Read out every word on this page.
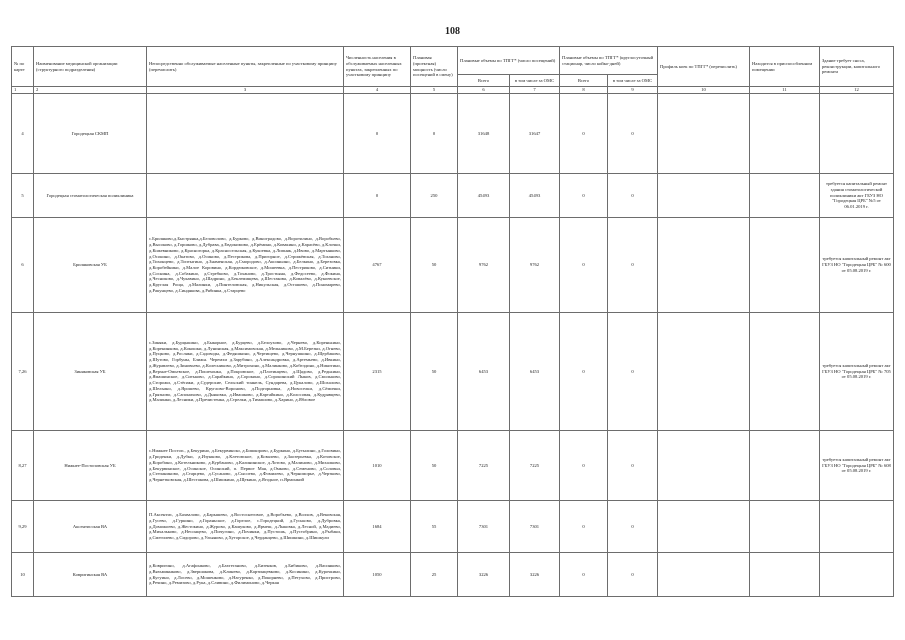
108
№ по карте	Наименование медицинской организации (структурного подразделения)	Непосредственно обслуживаемые населенные пункты, закрепленные по участковому принципу (перечислить)	Численность населения в обслуживаемых населенных пунктах, закрепленных по участковому принципу	Плановая (проектная) мощность (число посещений в смену)	Плановые объемы по ТПГГ* (число посещений)		Плановые объемы по ТПГГ* (круглосуточный стационар, число койко-дней)		Профиль коек по ТПГГ* (перечислить)	Находится в приспособленном помещении	Здание требует сноса, реконструкции, капитального ремонта
					Всего	в том числе за ОМС	Всего	в том числе за ОМС			
1	2	3	4	5	6	7	8	9	10	11	12
4	Городецкая СКМП		0	0	31648	31647	0	0			
5	Городецкая стоматологическая поликлиника		0	250	45493	45493	0	0			требуется капитальный ремонт здания стоматологической поликлиники акт ГБУЗ НО "Городецкая ЦРБ" №5 от 06.01.2019 г.
6	Бриляковская УБ	с.Бриляково,д.Быстрянка,д.Беловолово, д.Бурково, д.Виноградово, д.Воротилино, д.Воробьево, д.Высоково, д.Горшково, д.Дубрава, д.Евдокимово, д.Ерёмино, д.Ковакино, д.Карасёво, д.Клочки, д.Кожевниково, д.Красногорка, д.Красносельская, д.Кукоевка, д.Липняк, д.Ивово, д.Мартынково, д.Осокино, д.Окатово, д.Осиново, д.Пестрикова, д.Пригорное, д.Стрижёвская, д.Тоханово, д.Тихонцево, д.Топтыгино, д.Знаменская, д.Смородово, д.Аксиньино, д.Белкино, д.Березовка, д.Коробейники, д.Малое Коровино, д.Кордюковское, д.Мошеевка, д.Пестриково, д.Ситники, д.Соснина, д.Собакино, д.Стребково, д.Тоханово, д.Тростьяна, д.Федосеево, д.Фокина, д.Чесноково, д.Чукавино, д.Шадрино, д.Беклемищева, д.Шестакова, д.Ковалёво, д.Кукоевское, д.Круглая Роща, д.Малинки, д.Пинтеловская, д.Никульская, д.Осташево, д.Пономарево, д.Ракунцево, д.Синдякова, д.Рябинка, д.Старцево	4767	50	9762	9762	0	0			требуется капитальный ремонт акт ГБУЗ НО "Городецкая ЦРБ" № 600 от 05.08.2019 г.
7,26	Зиняковская УБ	с.Зиняки, д.Бурцыкино, д.Быкорное, д.Бурцево, д.Белоухово, д.Чернево, д.Коренькино, д.Коренинкова, д.Кокошки, д.Лунинская, д.Максимовская, д.Мельниково, д.М.Березки, д.Огнево, д.Пуцково, д.Росляки, д.Садоводы, д.Федяшкино, д.Чертищево, д.Чернушкино, д.Щербаково, д.Шутово, Горбуны, Ближн. Черемхи д.Зарубино, д.Александровка, д.Артемьево, д.Ивкино, д.Журавлево, д.Зиновьево, д.Колесниково, д.Митрохино, д.Малинково, д.Кобелдино, д.Никитино, д.Верхне-Омьевское, д.Пошехонка, д.Покровское, д.Плотинцево, д.Щадово, д.Редькино, д.Ямашинское, д.Ситьково, д.Сарайкина, д.Сорокино, д.Сорокинский Лыков, д.Смольково, д.Сторожи, д.Стёпаки, д.Судерские, Сельский тоннель, Сундарева, д.Цукалово, д.Шохалово, д.Шельино, д.Ярошево, Круглово-Вороново, д.Подгорновка, д.Новоселки, д.Сёмички, д.Грязново, д.Сапонихово, д.Дьяковка, д.Ивашково, д.Картайкино, д.Колосовая, д.Кудрявцево, д.Малинки, д.Лесники, д.Пречистенка, д.Стрелки, д.Тимашово, д.Харино, д.Ябловое	2315	50	6453	6453	0	0			требуется капитальный ремонт акт ГБУЗ НО "Городецкая ЦРБ" № 705 от 05.08.2019 г.
8,27	Нижнее-Постоповская УБ	с.Нижнее Постоп., д.Бекурино, д.Бекурвинско, д.Бишкорово, д.Буркино, д.Бутылино, д.Головино, д.Гриденки, д.Дубки, д.Изунково, д.Клетовское, д.Ковалево, д.Заозерьевка, д.Котовское, д.Коробино, д.Котельниково, д.Курбаново, д.Калининское, д.Лотово, д.Малиново, д.Михалково, д.Бекурвинское, д.Осинское, Осинский, п. Первое Мая, д.Омково, д.Семеново, д.Соловьи, д.Степаниново, д.Старцево, д.Сусаново, д.Сысоево, д.Фомилево, д.Черноморье, д.Чертково, д.Чернетковская, д.Шестакова, д.Шишкино, д.Щекино, д.Ягодное, п.Ярмонкий	1010	50	7225	7225	0	0			требуется капитальный ремонт акт ГБУЗ НО "Городецкая ЦРБ" № 608 от 05.08.2019 г.
9,29	Аксентисская ВА	П.Аксентис, д.Бахвалово, д.Барышево, д.Востоснеговое, д.Воробьево, д.Волхов, д.Вековская, д.Гусево, д.Гуркино, д.Гораньское, д.Горелое, с.Городецкий, д.Гуськово, д.Дубровка, д.Доможоево, д.Жестокино, д.Журово, д.Кашуково, д.Ярмеш, д.Лыковка, д.Лесной, д.Мадиево, д.Михальково, д.Несонцево, д.Пичугино, д.Починки, д.Пустошь, д.Пустобрино, д.Рыбаки, д.Смегилево, д.Сидорово, д.Ульяново, д.Хуторское, д.Черданцево, д.Шишкино, д.Шишкули	1684	55	7301	7301	0	0			
10	Ковригинская ВА	д.Ковригино, д.Агафонково, д.Бахтеганово, д.Бизенков, д.Бибиково, д.Васинково, д.Вязьминнково, д.Звершакова, д.Клинево, д.Картинцевково, д.Косинино, д.Курочкино, д.Кугуино, д.Лосево, д.Мошенково, д.Нагуренко, д.Покорнево, д.Петухово, д.Пристрово, д.Речино, д.Ремизово, д.Рука, д.Сливино, д.Филимоново, д.Черкая	1050	25	3226	3226	0	0			
